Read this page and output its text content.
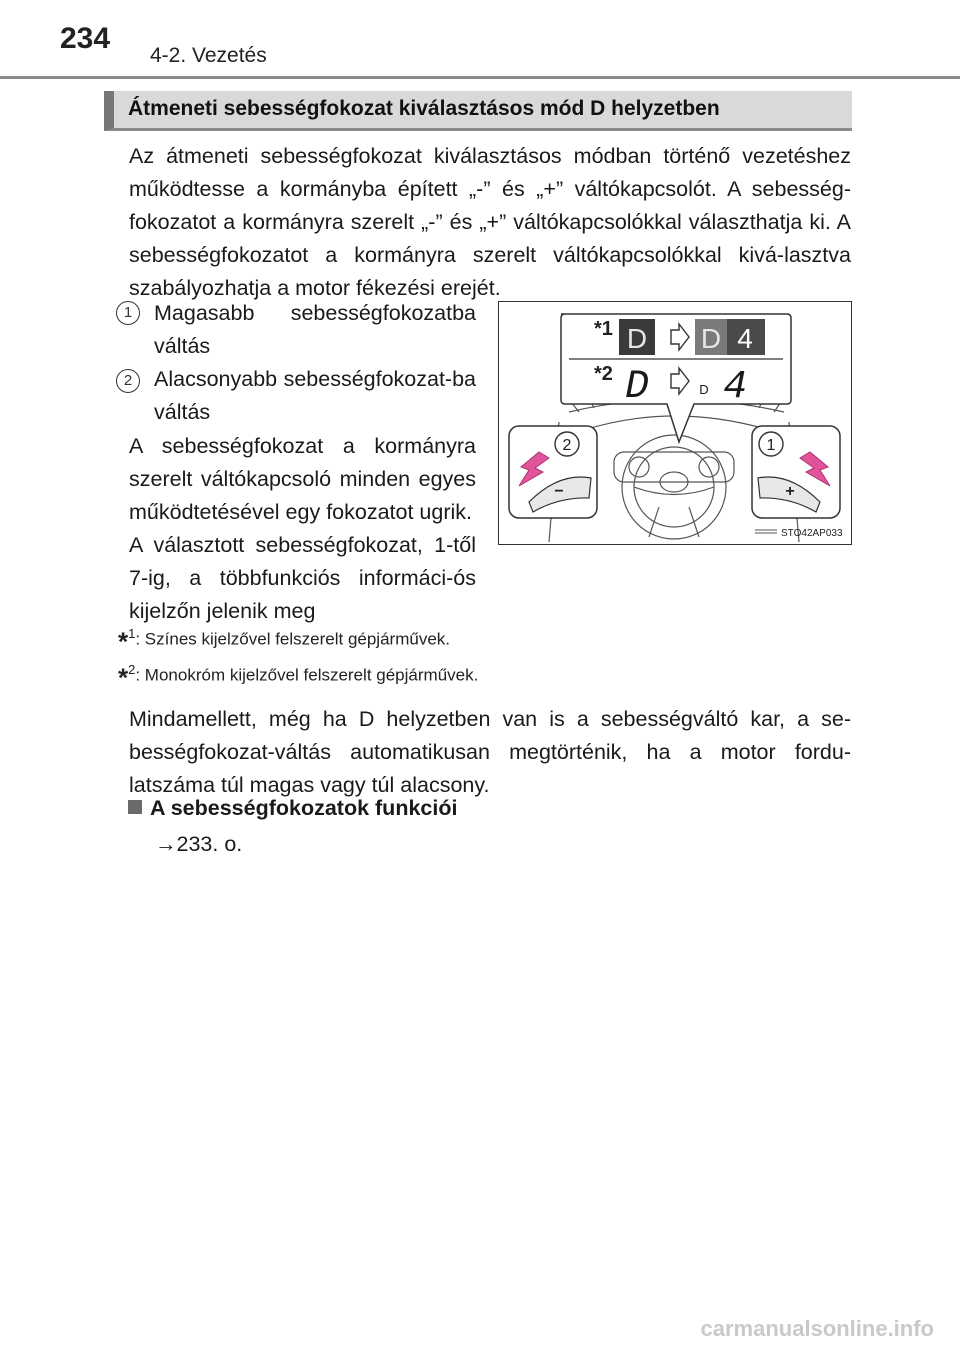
234
4-2. Vezetés
Átmeneti sebességfokozat kiválasztásos mód D helyzetben

Az átmeneti sebességfokozat kiválasztásos módban történő vezetéshez működtesse a kormányba épített „-” és „+” váltókapcsolót. A sebesség-fokozatot a kormányra szerelt „-” és „+” váltókapcsolókkal választhatja ki. A sebességfokozatot a kormányra szerelt váltókapcsolókkal kivá-lasztva szabályozhatja a motor fékezési erejét.

1	Magasabb sebességfokozatba váltás

2	Alacsonyabb sebességfokozat-ba váltás

A sebességfokozat a kormányra szerelt váltókapcsoló minden egyes működtetésével egy fokozatot ugrik.

A választott sebességfokozat, 1-től 7-ig, a többfunkciós informáci-ós kijelzőn jelenik meg

*1
*2
D D 4
D	D 4
−
2
+
1
STO42AP033
*$^1$: Színes kijelzővel felszerelt gépjárművek.
*$^2$: Monokróm kijelzővel felszerelt gépjárművek.

Mindamellett, még ha D helyzetben van is a sebességváltó kar, a se-bességfokozat-váltás automatikusan megtörténik, ha a motor fordu-latszáma túl magas vagy túl alacsony.

A sebességfokozatok funkciói
→233. o.
carmanualsonline.info
